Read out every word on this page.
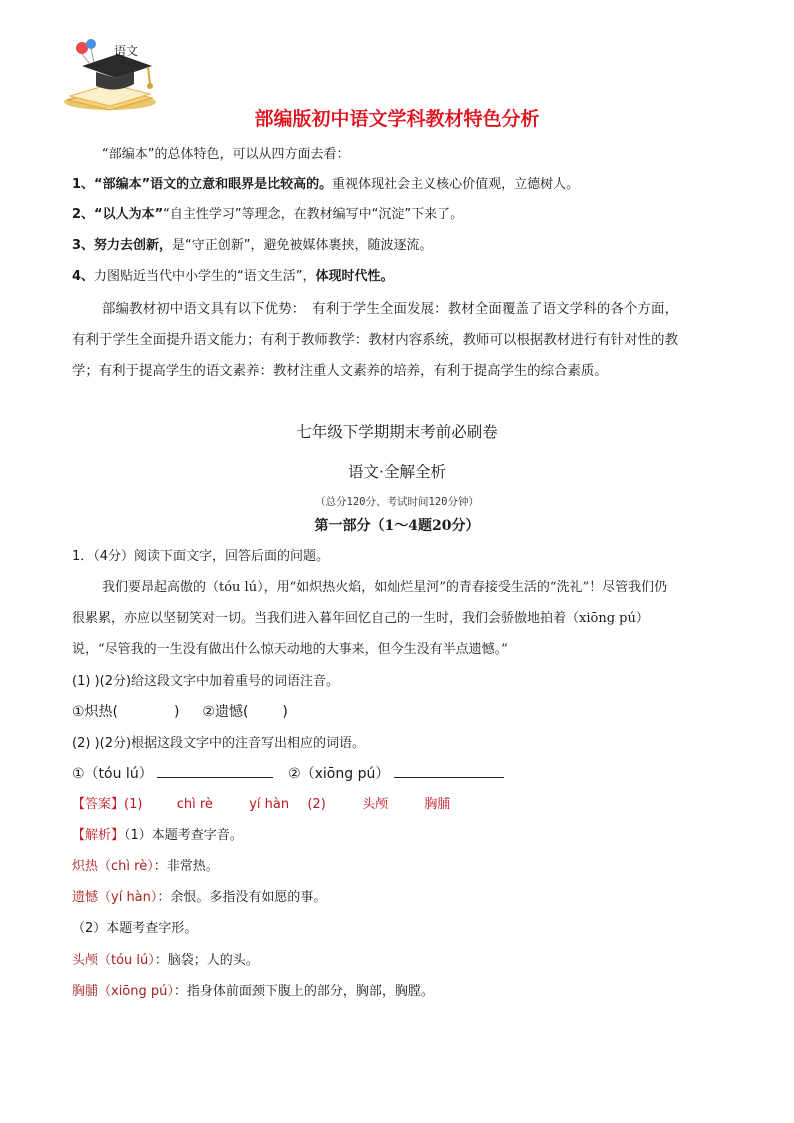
语文
部编版初中语文学科教材特色分析
“部编本”的总体特色，可以从四方面去看：
1、“部编本”语文的立意和眼界是比较高的。重视体现社会主义核心价值观，立德树人。
2、“以人为本”“自主性学习”等理念，在教材编写中“沉淀”下来了。
3、努力去创新，是“守正创新”，避免被媒体裹挟，随波逐流。
4、力图贴近当代中小学生的“语文生活”，体现时代性。
部编教材初中语文具有以下优势：　有利于学生全面发展：教材全面覆盖了语文学科的各个方面，有利于学生全面提升语文能力；有利于教师教学：教材内容系统，教师可以根据教材进行有针对性的教学；有利于提高学生的语文素养：教材注重人文素养的培养，有利于提高学生的综合素质。
七年级下学期期末考前必刷卷
语文·全解全析
（总分120分、考试时间120分钟）
第一部分（1～4题20分）
1．（4分）阅读下面文字，回答后面的问题。
我们要昂起高傲的（tóu lú），用“如炽热火焰，如灿烂星河”的青春接受生活的“洗礼”！尽管我们仍很累累，亦应以坚韧笑对一切。当我们进入暮年回忆自己的一生时，我们会骄傲地拍着（xiōng pú）说，“尽管我的一生没有做出什么惊天动地的大事来，但今生没有半点遗憾。”
(1) )(2分)给这段文字中加着重号的词语注音。
①炽热(	) ②遗憾( )
(2) )(2分)根据这段文字中的注音写出相应的词语。
①（tóu lú）	②（xiōng pú）
【答案】(1)	chì rè	yí hàn (2)	头颅	胸脯
【解析】（1）本题考查字音。
炽热（chì rè）：非常热。
遗憾（yí hàn）：余恨。多指没有如愿的事。
（2）本题考查字形。
头颅（tóu lú）：脑袋；人的头。
胸脯（xiōng pú）：指身体前面颈下腹上的部分，胸部，胸膛。
